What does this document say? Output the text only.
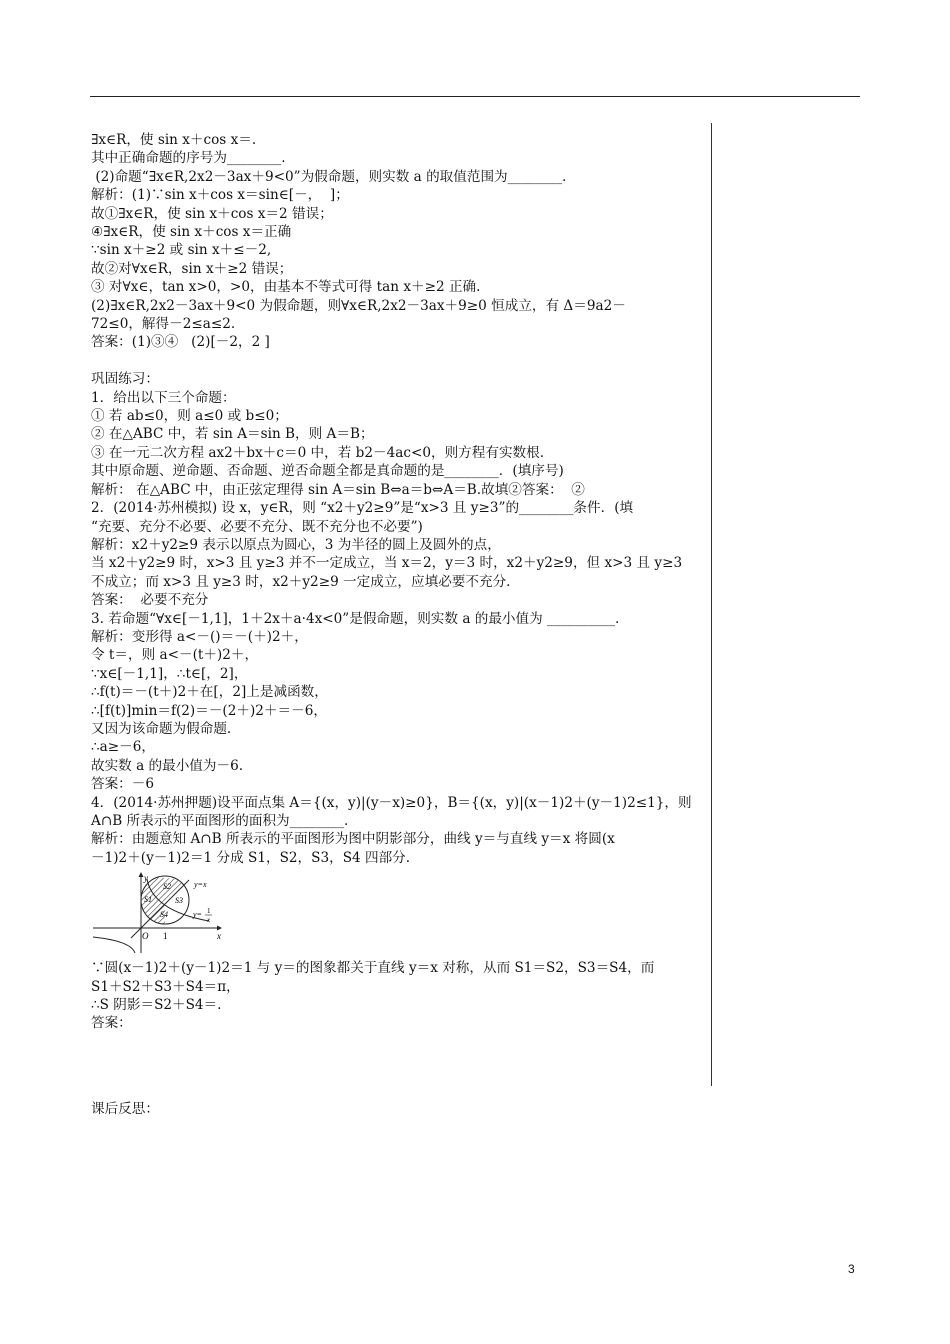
∃x∈R，使 sin x＋cos x＝.
其中正确命题的序号为________.
(2)命题“∃x∈R,2x2－3ax＋9<0”为假命题，则实数 a 的取值范围为________.
解析：(1)∵sin x＋cos x＝sin∈[－，  ]；
故①∃x∈R，使 sin x＋cos x＝2 错误；
④∃x∈R，使 sin x＋cos x＝正确
∵sin x＋≥2 或 sin x＋≤－2,
故②对∀x∈R，sin x＋≥2 错误；
③ 对∀x∈，tan x>0，>0，由基本不等式可得 tan x＋≥2 正确.
(2)∃x∈R,2x2－3ax＋9<0 为假命题，则∀x∈R,2x2－3ax＋9≥0 恒成立，有 Δ＝9a2－
72≤0，解得－2≤a≤2.
答案：(1)③④   (2)[－2，2 ]
巩固练习：
1．给出以下三个命题：
① 若 ab≤0，则 a≤0 或 b≤0；
② 在△ABC 中，若 sin A＝sin B，则 A＝B；
③ 在一元二次方程 ax2＋bx＋c＝0 中，若 b2－4ac<0，则方程有实数根.
其中原命题、逆命题、否命题、逆否命题全都是真命题的是________．(填序号)
解析： 在△ABC 中，由正弦定理得 sin A＝sin B⇔a＝b⇔A＝B.故填②答案：  ②
2．(2014·苏州模拟) 设 x，y∈R，则 “x2＋y2≥9”是“x>3 且 y≥3”的________条件．(填
“充要、充分不必要、必要不充分、既不充分也不必要”)
解析：x2＋y2≥9 表示以原点为圆心，3 为半径的圆上及圆外的点，
当 x2＋y2≥9 时，x>3 且 y≥3 并不一定成立，当 x＝2，y＝3 时，x2＋y2≥9，但 x>3 且 y≥3
不成立；而 x>3 且 y≥3 时，x2＋y2≥9 一定成立，应填必要不充分.
答案：  必要不充分
3. 若命题“∀x∈[－1,1]，1＋2x＋a·4x<0”是假命题，则实数 a 的最小值为 __________.
解析：变形得 a<－()＝－(＋)2＋，
令 t＝，则 a<－(t＋)2＋，
∵x∈[－1,1]，∴t∈[，2]，
∴f(t)＝－(t＋)2＋在[，2]上是减函数，
∴[f(t)]min＝f(2)＝－(2＋)2＋＝－6，
又因为该命题为假命题.
∴a≥－6，
故实数 a 的最小值为－6.
答案：－6
4．(2014·苏州押题)设平面点集 A＝{(x，y)|(y－x)≥0}，B＝{(x，y)|(x－1)2＋(y－1)2≤1}，则
A∩B 所表示的平面图形的面积为________.
解析：由题意知 A∩B 所表示的平面图形为图中阴影部分，曲线 y＝与直线 y＝x 将圆(x
－1)2＋(y－1)2＝1 分成 S1，S2，S3，S4 四部分.
y
x
O 1
y=x
y= 1
x
S1
S2
S3
S4
∵圆(x－1)2＋(y－1)2＝1 与 y＝的图象都关于直线 y＝x 对称，从而 S1＝S2，S3＝S4，而
S1＋S2＋S3＋S4＝π，
∴S 阴影＝S2＋S4＝.
答案：
课后反思：
3
